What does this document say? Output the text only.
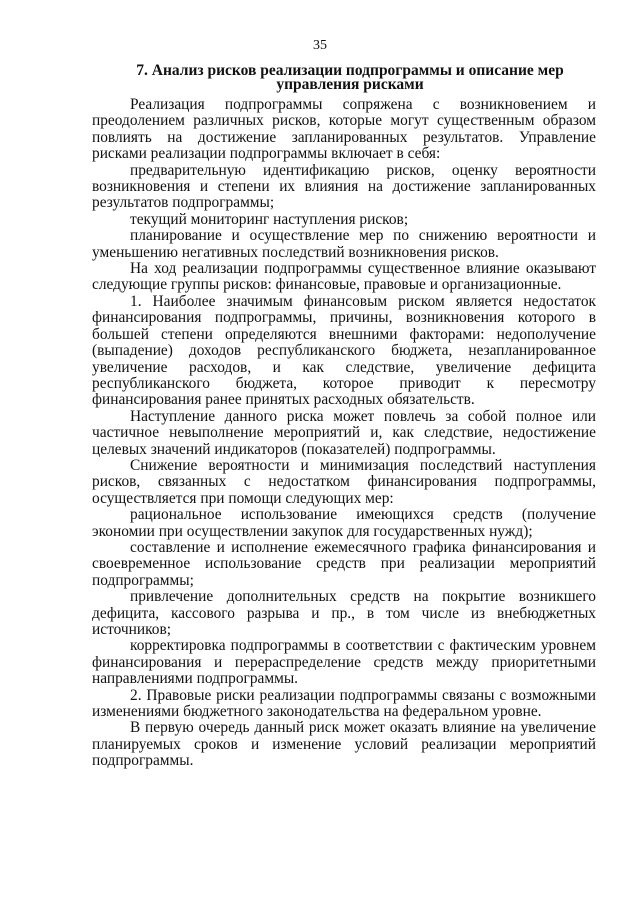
35
7. Анализ рисков реализации подпрограммы и описание мер управления рисками

Реализация подпрограммы сопряжена с возникновением и преодолением различных рисков, которые могут существенным образом повлиять на достижение запланированных результатов. Управление рисками реализации подпрограммы включает в себя:

предварительную идентификацию рисков, оценку вероятности возникновения и степени их влияния на достижение запланированных результатов подпрограммы;

текущий мониторинг наступления рисков;

планирование и осуществление мер по снижению вероятности и уменьшению негативных последствий возникновения рисков.

На ход реализации подпрограммы существенное влияние оказывают следующие группы рисков: финансовые, правовые и организационные.

1. Наиболее значимым финансовым риском является недостаток финансирования подпрограммы, причины, возникновения которого в большей степени определяются внешними факторами: недополучение (выпадение) доходов республиканского бюджета, незапланированное увеличение расходов, и как следствие, увеличение дефицита республиканского бюджета, которое приводит к пересмотру финансирования ранее принятых расходных обязательств.

Наступление данного риска может повлечь за собой полное или частичное невыполнение мероприятий и, как следствие, недостижение целевых значений индикаторов (показателей) подпрограммы.

Снижение вероятности и минимизация последствий наступления рисков, связанных с недостатком финансирования подпрограммы, осуществляется при помощи следующих мер:

рациональное использование имеющихся средств (получение экономии при осуществлении закупок для государственных нужд);

составление и исполнение ежемесячного графика финансирования и своевременное использование средств при реализации мероприятий подпрограммы;

привлечение дополнительных средств на покрытие возникшего дефицита, кассового разрыва и пр., в том числе из внебюджетных источников;

корректировка подпрограммы в соответствии с фактическим уровнем финансирования и перераспределение средств между приоритетными направлениями подпрограммы.

2. Правовые риски реализации подпрограммы связаны с возможными изменениями бюджетного законодательства на федеральном уровне.

В первую очередь данный риск может оказать влияние на увеличение планируемых сроков и изменение условий реализации мероприятий подпрограммы.
